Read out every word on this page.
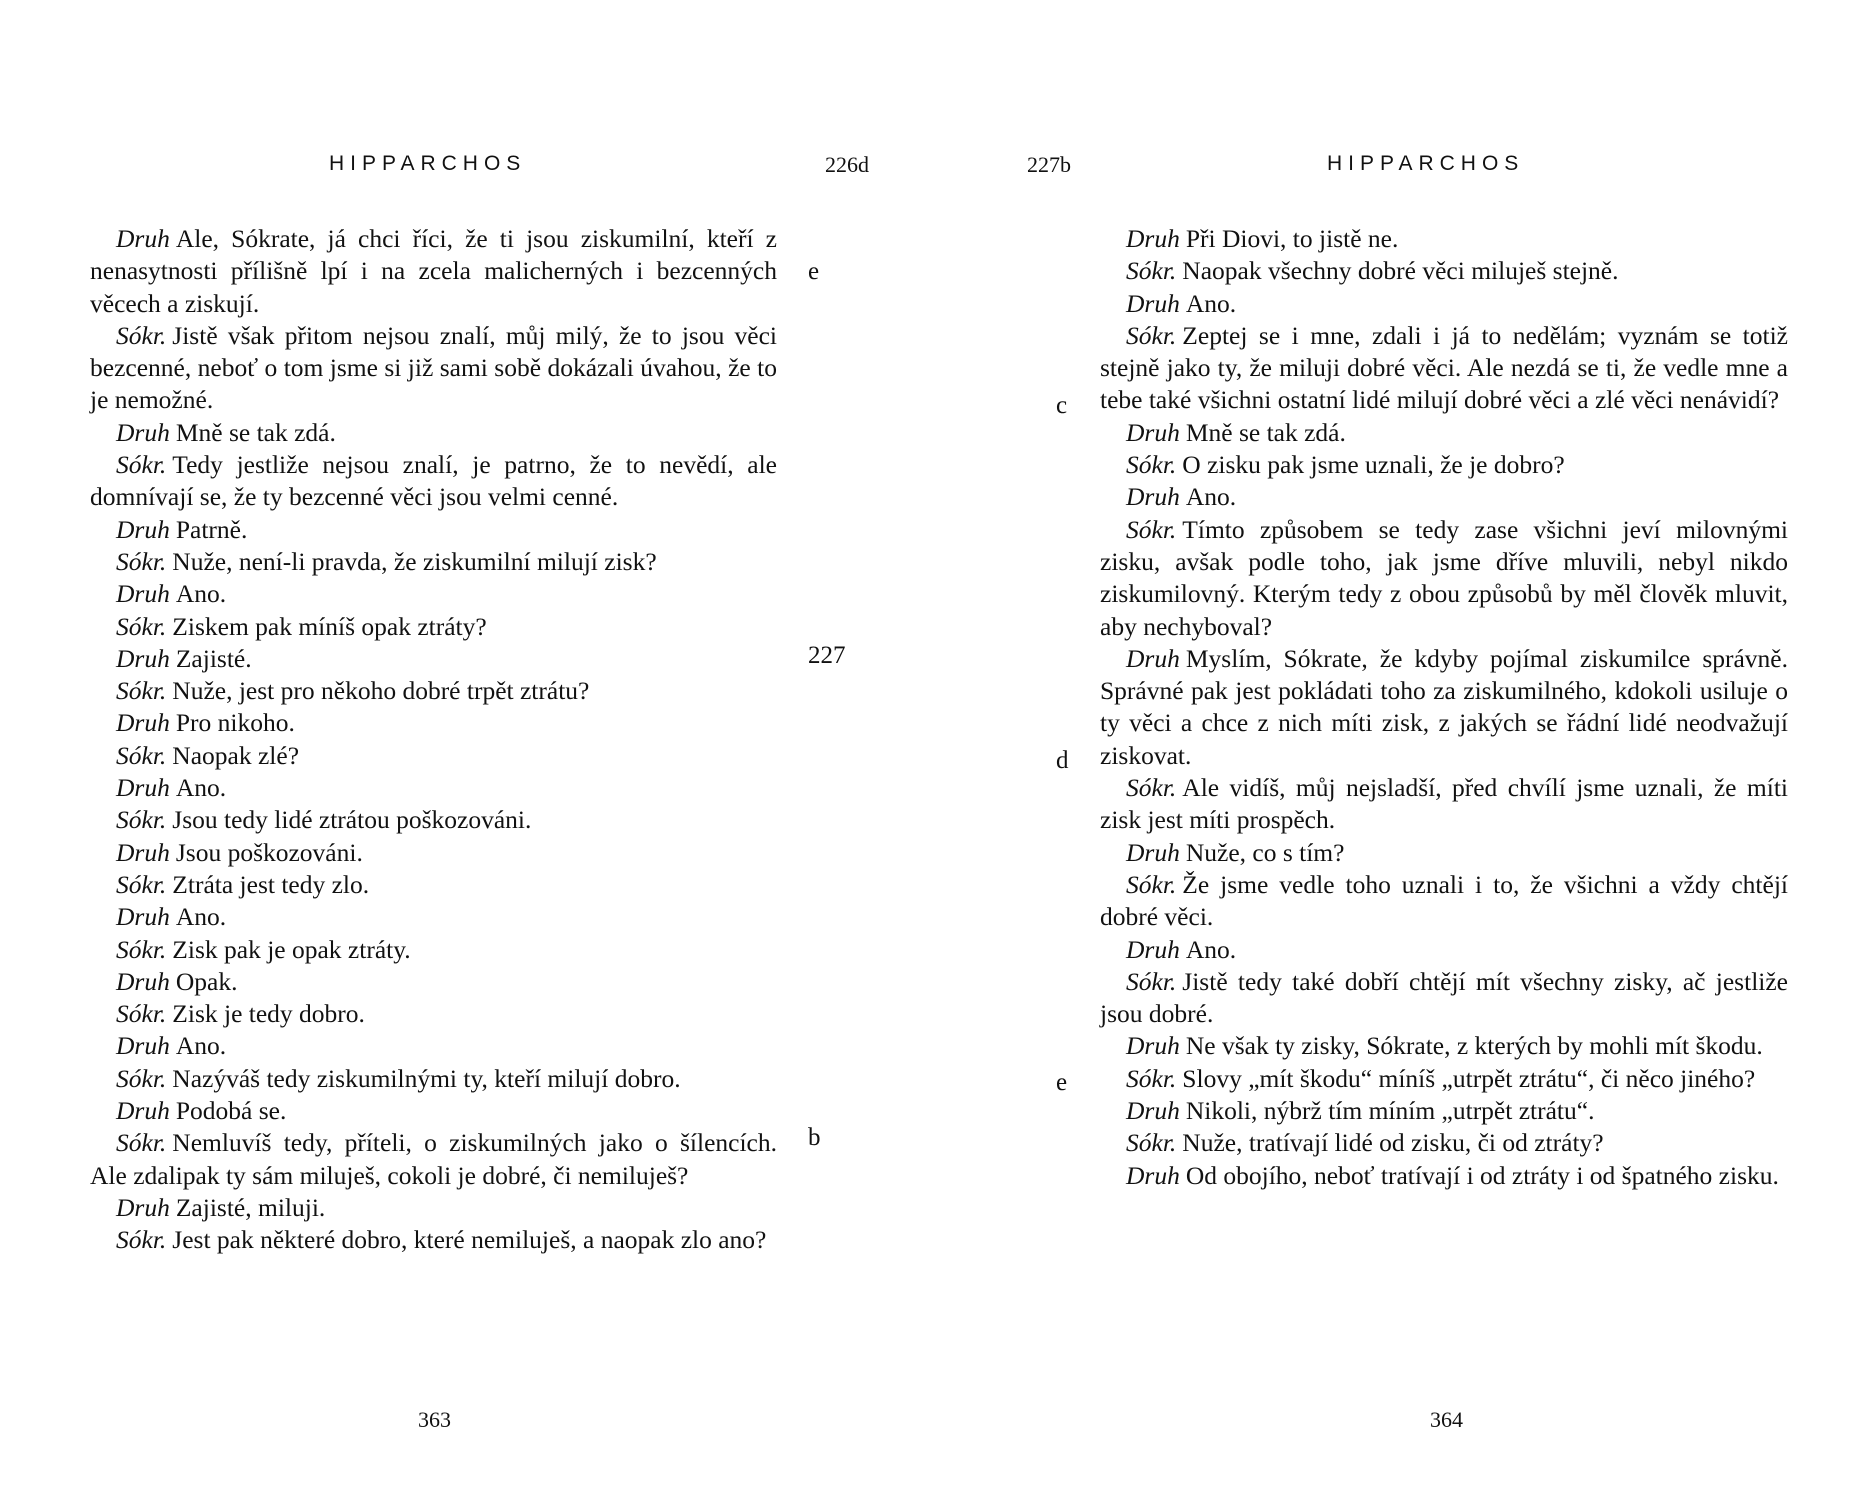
HIPPARCHOS	226d

Druh Ale, Sókrate, já chci říci, že ti jsou ziskumilní, kteří z nenasytnosti přílišně lpí i na zcela malicherných i bezcenných věcech a ziskují.

Sókr. Jistě však přitom nejsou znalí, můj milý, že to jsou věci bezcenné, neboť o tom jsme si již sami sobě dokázali úvahou, že to je nemožné.

Druh Mně se tak zdá.

Sókr. Tedy jestliže nejsou znalí, je patrno, že to nevědí, ale domnívají se, že ty bezcenné věci jsou velmi cenné.

Druh Patrně.

Sókr. Nuže, není-li pravda, že ziskumilní milují zisk?

Druh Ano.

Sókr. Ziskem pak míníš opak ztráty?

Druh Zajisté.

Sókr. Nuže, jest pro někoho dobré trpět ztrátu?

Druh Pro nikoho.

Sókr. Naopak zlé?

Druh Ano.

Sókr. Jsou tedy lidé ztrátou poškozováni.

Druh Jsou poškozováni.

Sókr. Ztráta jest tedy zlo.

Druh Ano.

Sókr. Zisk pak je opak ztráty.

Druh Opak.

Sókr. Zisk je tedy dobro.

Druh Ano.

Sókr. Nazýváš tedy ziskumilnými ty, kteří milují dobro.

Druh Podobá se.

Sókr. Nemluvíš tedy, příteli, o ziskumilných jako o šílencích. Ale zdalipak ty sám miluješ, cokoli je dobré, či nemiluješ?

Druh Zajisté, miluji.

Sókr. Jest pak některé dobro, které nemiluješ, a naopak zlo ano?

e
227
b
363
227b	HIPPARCHOS

Druh Při Diovi, to jistě ne.

Sókr. Naopak všechny dobré věci miluješ stejně.

Druh Ano.

Sókr. Zeptej se i mne, zdali i já to nedělám; vyznám se totiž stejně jako ty, že miluji dobré věci. Ale nezdá se ti, že vedle mne a tebe také všichni ostatní lidé milují dobré věci a zlé věci nenávidí?

Druh Mně se tak zdá.

Sókr. O zisku pak jsme uznali, že je dobro?

Druh Ano.

Sókr. Tímto způsobem se tedy zase všichni jeví milovnými zisku, avšak podle toho, jak jsme dříve mluvili, nebyl nikdo ziskumilovný. Kterým tedy z obou způsobů by měl člověk mluvit, aby nechyboval?

Druh Myslím, Sókrate, že kdyby pojímal ziskumilce správně. Správné pak jest pokládati toho za ziskumilného, kdokoli usiluje o ty věci a chce z nich míti zisk, z jakých se řádní lidé neodvažují ziskovat.

Sókr. Ale vidíš, můj nejsladší, před chvílí jsme uznali, že míti zisk jest míti prospěch.

Druh Nuže, co s tím?

Sókr. Že jsme vedle toho uznali i to, že všichni a vždy chtějí dobré věci.

Druh Ano.

Sókr. Jistě tedy také dobří chtějí mít všechny zisky, ač jestliže jsou dobré.

Druh Ne však ty zisky, Sókrate, z kterých by mohli mít škodu.

Sókr. Slovy „mít škodu“ míníš „utrpět ztrátu“, či něco jiného?

Druh Nikoli, nýbrž tím míním „utrpět ztrátu“.

Sókr. Nuže, tratívají lidé od zisku, či od ztráty?

Druh Od obojího, neboť tratívají i od ztráty i od špatného zisku.

c
d
e
364
